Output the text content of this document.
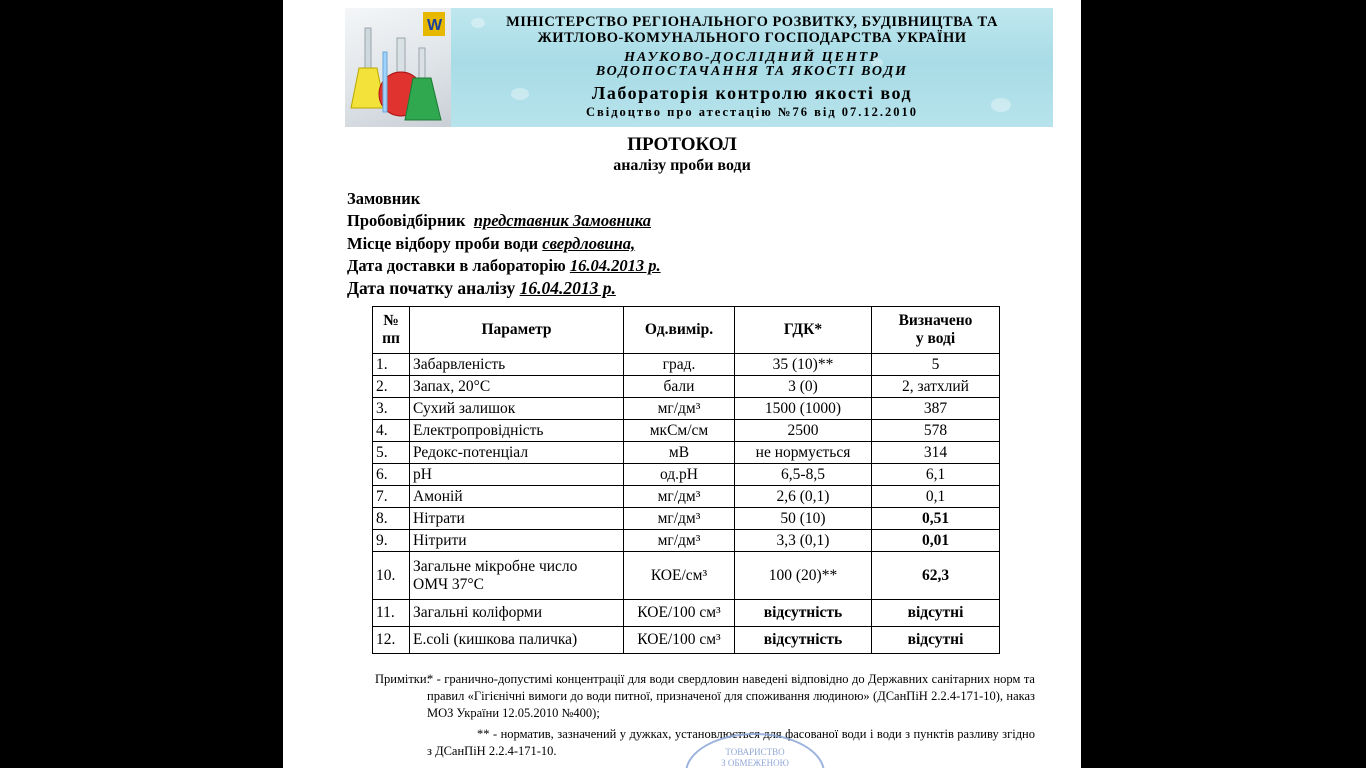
W	МІНІСТЕРСТВО РЕГІОНАЛЬНОГО РОЗВИТКУ, БУДІВНИЦТВА ТА
ЖИТЛОВО-КОМУНАЛЬНОГО ГОСПОДАРСТВА УКРАЇНИ
НАУКОВО-ДОСЛІДНИЙ ЦЕНТР
ВОДОПОСТАЧАННЯ ТА ЯКОСТІ ВОДИ
Лабораторія контролю якості вод
Свідоцтво про атестацію №76 від 07.12.2010
ПРОТОКОЛ
аналізу проби води
Замовник
Пробовідбірник представник Замовника
Місце відбору проби води свердловина,
Дата доставки в лабораторію 16.04.2013 р.
Дата початку аналізу 16.04.2013 р.
№
пп	Параметр	Од.вимір.	ГДК*	Визначено
у воді
1.	Забарвленість	град.	35 (10)**	5
2.	Запах, 20°С	бали	3 (0)	2, затхлий
3.	Сухий залишок	мг/дм³	1500 (1000)	387
4.	Електропровідність	мкСм/см	2500	578
5.	Редокс-потенціал	мВ	не нормується	314
6.	pH	од.pH	6,5-8,5	6,1
7.	Амоній	мг/дм³	2,6 (0,1)	0,1
8.	Нітрати	мг/дм³	50 (10)	0,51
9.	Нітрити	мг/дм³	3,3 (0,1)	0,01
10.	Загальне мікробне число
ОМЧ 37°С	КОЕ/см³	100 (20)**	62,3
11.	Загальні коліформи	КОЕ/100 см³	відсутність	відсутні
12.	E.coli (кишкова паличка)	КОЕ/100 см³	відсутність	відсутні
Примітки:
* - гранично-допустимі концентрації для води свердловин наведені відповідно до Державних санітарних норм та правил «Гігієнічні вимоги до води питної, призначеної для споживання людиною» (ДСанПіН 2.2.4-171-10), наказ МОЗ України 12.05.2010 №400);
** - норматив, зазначений у дужках, установлюється для фасованої води і води з пунктів разливу згідно з ДСанПіН 2.2.4-171-10.	ТОВАРИСТВО
З ОБМЕЖЕНОЮ
